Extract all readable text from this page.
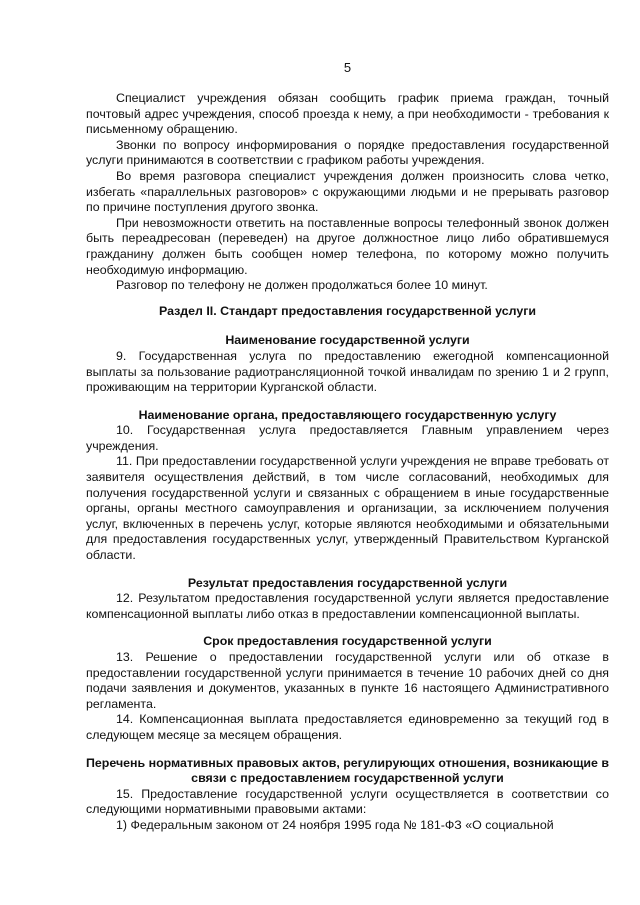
5

Специалист учреждения обязан сообщить график приема граждан, точный почтовый адрес учреждения, способ проезда к нему, а при необходимости - требования к письменному обращению.

Звонки по вопросу информирования о порядке предоставления государственной услуги принимаются в соответствии с графиком работы учреждения.

Во время разговора специалист учреждения должен произносить слова четко, избегать «параллельных разговоров» с окружающими людьми и не прерывать разговор по причине поступления другого звонка.

При невозможности ответить на поставленные вопросы телефонный звонок должен быть переадресован (переведен) на другое должностное лицо либо обратившемуся гражданину должен быть сообщен номер телефона, по которому можно получить необходимую информацию.

Разговор по телефону не должен продолжаться более 10 минут.

Раздел II. Стандарт предоставления государственной услуги

Наименование государственной услуги

9. Государственная услуга по предоставлению ежегодной компенсационной выплаты за пользование радиотрансляционной точкой инвалидам по зрению 1 и 2 групп, проживающим на территории Курганской области.

Наименование органа, предоставляющего государственную услугу

10. Государственная услуга предоставляется Главным управлением через учреждения.

11. При предоставлении государственной услуги учреждения не вправе требовать от заявителя осуществления действий, в том числе согласований, необходимых для получения государственной услуги и связанных с обращением в иные государственные органы, органы местного самоуправления и организации, за исключением получения услуг, включенных в перечень услуг, которые являются необходимыми и обязательными для предоставления государственных услуг, утвержденный Правительством Курганской области.

Результат предоставления государственной услуги

12. Результатом предоставления государственной услуги является предоставление компенсационной выплаты либо отказ в предоставлении компенсационной выплаты.

Срок предоставления государственной услуги

13. Решение о предоставлении государственной услуги или об отказе в предоставлении государственной услуги принимается в течение 10 рабочих дней со дня подачи заявления и документов, указанных в пункте 16 настоящего Административного регламента.

14. Компенсационная выплата предоставляется единовременно за текущий год в следующем месяце за месяцем обращения.

Перечень нормативных правовых актов, регулирующих отношения, возникающие в связи с предоставлением государственной услуги

15. Предоставление государственной услуги осуществляется в соответствии со следующими нормативными правовыми актами:

1) Федеральным законом от 24 ноября 1995 года № 181-ФЗ «О социальной
